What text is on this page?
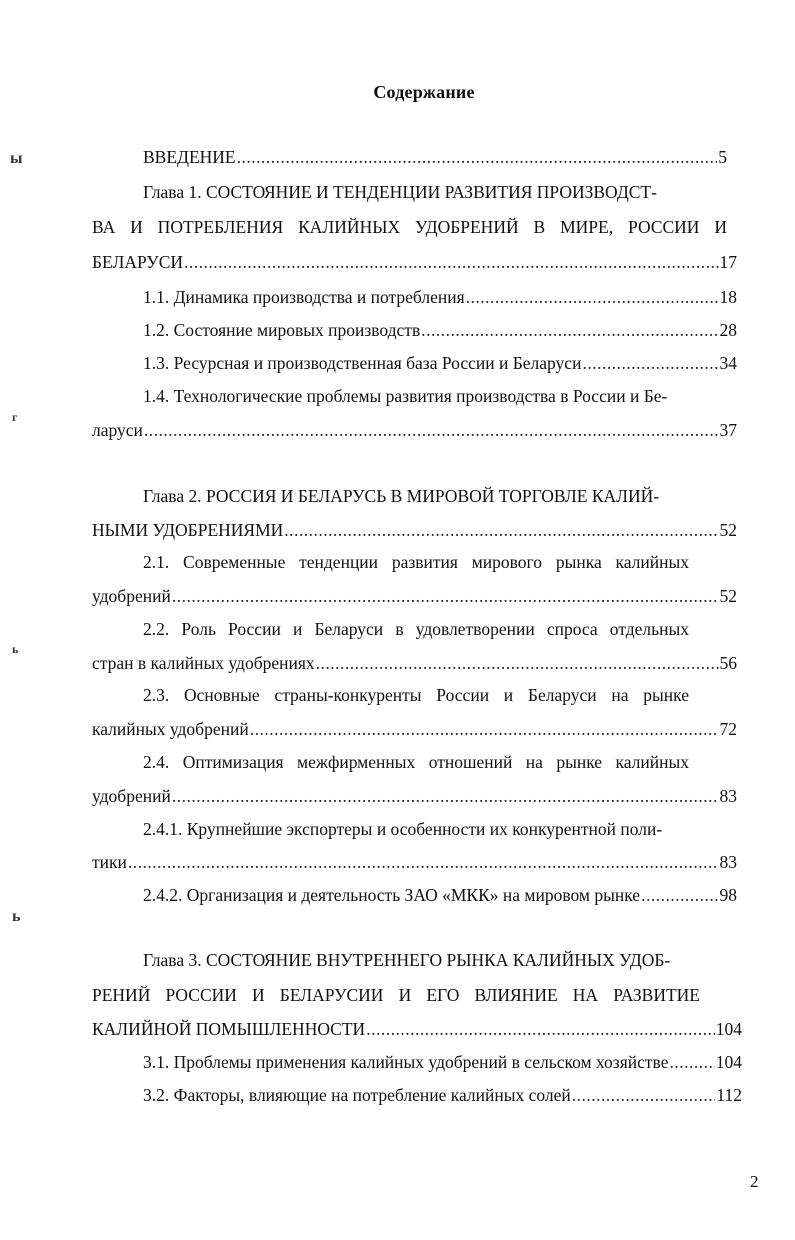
Содержание
ы
г
ь
ь
ВВЕДЕНИЕ .....	5
Глава 1. СОСТОЯНИЕ И ТЕНДЕНЦИИ РАЗВИТИЯ ПРОИЗВОДСТ-
ВА И ПОТРЕБЛЕНИЯ КАЛИЙНЫХ УДОБРЕНИЙ В МИРЕ, РОССИИ И
БЕЛАРУСИ .....	17
1.1. Динамика производства и потребления .....	18
1.2. Состояние мировых производств .....	28
1.3. Ресурсная и производственная база России и Беларуси .....	34
1.4. Технологические проблемы развития производства в России и Бе-
ларуси .....	37
Глава 2. РОССИЯ И БЕЛАРУСЬ В МИРОВОЙ ТОРГОВЛЕ КАЛИЙ-
НЫМИ УДОБРЕНИЯМИ .....	52
2.1. Современные тенденции развития мирового рынка калийных
удобрений .....	52
2.2. Роль России и Беларуси в удовлетворении спроса отдельных
стран в калийных удобрениях .....	56
2.3. Основные страны-конкуренты России и Беларуси на рынке
калийных удобрений .....	72
2.4. Оптимизация межфирменных отношений на рынке калийных
удобрений .....	83
2.4.1. Крупнейшие экспортеры и особенности их конкурентной поли-
тики .....	83
2.4.2. Организация и деятельность ЗАО «МКК» на мировом рынке .....	98
Глава 3. СОСТОЯНИЕ ВНУТРЕННЕГО РЫНКА КАЛИЙНЫХ УДОБ-
РЕНИЙ РОССИИ И БЕЛАРУСИИ И ЕГО ВЛИЯНИЕ НА РАЗВИТИЕ
КАЛИЙНОЙ ПОМЫШЛЕННОСТИ .....	104
3.1. Проблемы применения калийных удобрений в сельском хозяйстве .....	104
3.2. Факторы, влияющие на потребление калийных солей .....	112
2
